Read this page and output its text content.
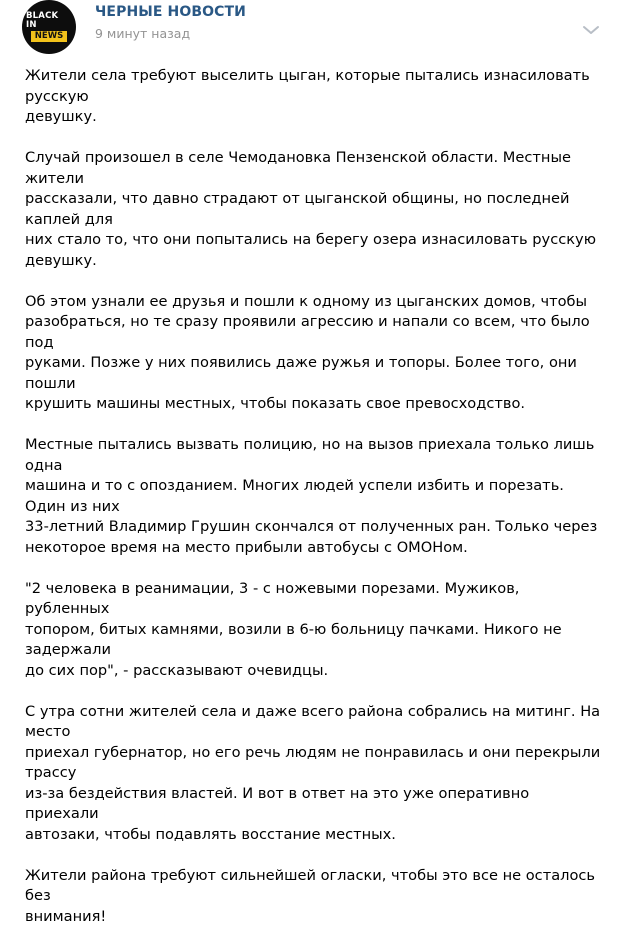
BLACK IN
NEWS
ЧЕРНЫЕ НОВОСТИ
9 минут назад

Жители села требуют выселить цыган, которые пытались изнасиловать русскую
девушку.

Случай произошел в селе Чемодановка Пензенской области. Местные жители
рассказали, что давно страдают от цыганской общины, но последней каплей для
них стало то, что они попытались на берегу озера изнасиловать русскую девушку.

Об этом узнали ее друзья и пошли к одному из цыганских домов, чтобы
разобраться, но те сразу проявили агрессию и напали со всем, что было под
руками. Позже у них появились даже ружья и топоры. Более того, они пошли
крушить машины местных, чтобы показать свое превосходство.

Местные пытались вызвать полицию, но на вызов приехала только лишь одна
машина и то с опозданием. Многих людей успели избить и порезать. Один из них
33-летний Владимир Грушин скончался от полученных ран. Только через
некоторое время на место прибыли автобусы с ОМОНом.

"2 человека в реанимации, 3 - с ножевыми порезами. Мужиков, рубленных
топором, битых камнями, возили в 6-ю больницу пачками. Никого не задержали
до сих пор", - рассказывают очевидцы.

С утра сотни жителей села и даже всего района собрались на митинг. На место
приехал губернатор, но его речь людям не понравилась и они перекрыли трассу
из-за бездействия властей. И вот в ответ на это уже оперативно приехали
автозаки, чтобы подавлять восстание местных.

Жители района требуют сильнейшей огласки, чтобы это все не осталось без
внимания!
